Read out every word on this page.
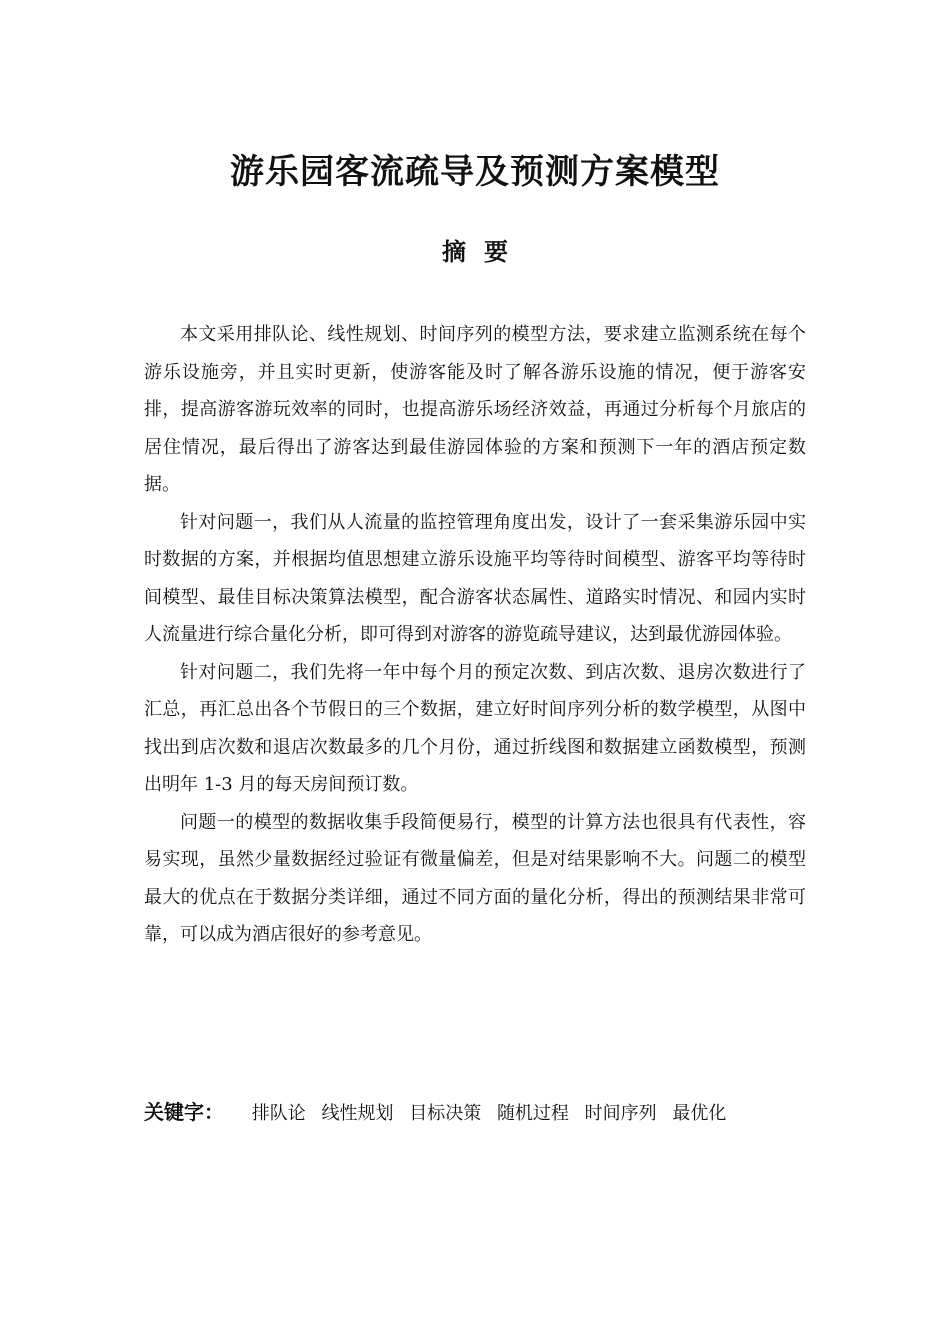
游乐园客流疏导及预测方案模型
摘要

本文采用排队论、线性规划、时间序列的模型方法，要求建立监测系统在每个游乐设施旁，并且实时更新，使游客能及时了解各游乐设施的情况，便于游客安排，提高游客游玩效率的同时，也提高游乐场经济效益，再通过分析每个月旅店的居住情况，最后得出了游客达到最佳游园体验的方案和预测下一年的酒店预定数据。

针对问题一，我们从人流量的监控管理角度出发，设计了一套采集游乐园中实时数据的方案，并根据均值思想建立游乐设施平均等待时间模型、游客平均等待时间模型、最佳目标决策算法模型，配合游客状态属性、道路实时情况、和园内实时人流量进行综合量化分析，即可得到对游客的游览疏导建议，达到最优游园体验。

针对问题二，我们先将一年中每个月的预定次数、到店次数、退房次数进行了汇总，再汇总出各个节假日的三个数据，建立好时间序列分析的数学模型，从图中找出到店次数和退店次数最多的几个月份，通过折线图和数据建立函数模型，预测出明年 1-3 月的每天房间预订数。

问题一的模型的数据收集手段简便易行，模型的计算方法也很具有代表性，容易实现，虽然少量数据经过验证有微量偏差，但是对结果影响不大。问题二的模型最大的优点在于数据分类详细，通过不同方面的量化分析，得出的预测结果非常可靠，可以成为酒店很好的参考意见。

关键字： 排队论 线性规划 目标决策 随机过程 时间序列 最优化
